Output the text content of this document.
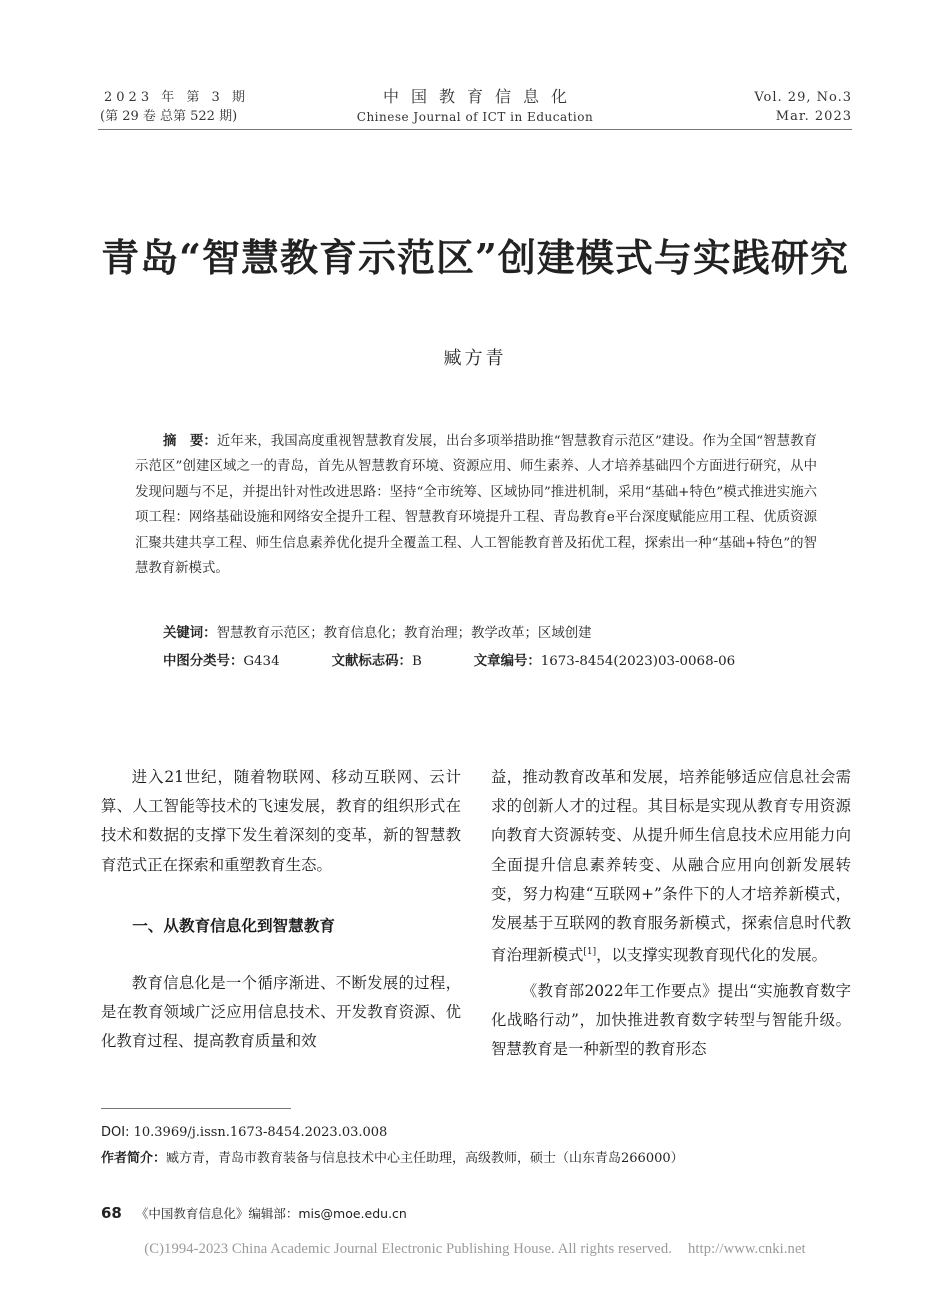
2023 年 第 3 期
(第 29 卷 总第 522 期)
中国教育信息化
Chinese Journal of ICT in Education
Vol. 29, No.3
Mar. 2023
青岛“智慧教育示范区”创建模式与实践研究
臧方青
摘　要：近年来，我国高度重视智慧教育发展，出台多项举措助推“智慧教育示范区”建设。作为全国“智慧教育示范区”创建区域之一的青岛，首先从智慧教育环境、资源应用、师生素养、人才培养基础四个方面进行研究，从中发现问题与不足，并提出针对性改进思路：坚持“全市统筹、区域协同”推进机制，采用“基础+特色”模式推进实施六项工程：网络基础设施和网络安全提升工程、智慧教育环境提升工程、青岛教育e平台深度赋能应用工程、优质资源汇聚共建共享工程、师生信息素养优化提升全覆盖工程、人工智能教育普及拓优工程，探索出一种“基础+特色”的智慧教育新模式。
关键词：智慧教育示范区；教育信息化；教育治理；教学改革；区域创建
中图分类号：G434	文献标志码：B	文章编号：1673-8454(2023)03-0068-06

进入21世纪，随着物联网、移动互联网、云计算、人工智能等技术的飞速发展，教育的组织形式在技术和数据的支撑下发生着深刻的变革，新的智慧教育范式正在探索和重塑教育生态。

一、从教育信息化到智慧教育

教育信息化是一个循序渐进、不断发展的过程，是在教育领域广泛应用信息技术、开发教育资源、优化教育过程、提高教育质量和效

益，推动教育改革和发展，培养能够适应信息社会需求的创新人才的过程。其目标是实现从教育专用资源向教育大资源转变、从提升师生信息技术应用能力向全面提升信息素养转变、从融合应用向创新发展转变，努力构建“互联网+”条件下的人才培养新模式，发展基于互联网的教育服务新模式，探索信息时代教育治理新模式[1]，以支撑实现教育现代化的发展。

《教育部2022年工作要点》提出“实施教育数字化战略行动”，加快推进教育数字转型与智能升级。智慧教育是一种新型的教育形态

DOI: 10.3969/j.issn.1673-8454.2023.03.008
作者简介：臧方青，青岛市教育装备与信息技术中心主任助理，高级教师，硕士（山东青岛266000）
68 《中国教育信息化》编辑部：mis@moe.edu.cn
(C)1994-2023 China Academic Journal Electronic Publishing House. All rights reserved. http://www.cnki.net
